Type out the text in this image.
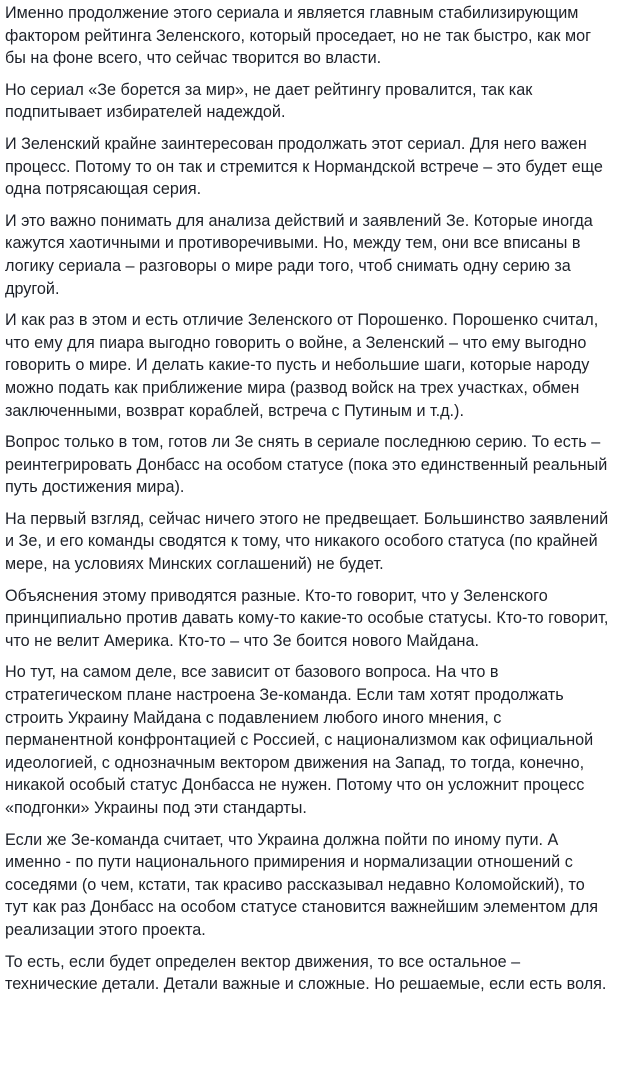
Именно продолжение этого сериала и является главным стабилизирующим фактором рейтинга Зеленского, который проседает, но не так быстро, как мог бы на фоне всего, что сейчас творится во власти.

Но сериал «Зе борется за мир», не дает рейтингу провалится, так как подпитывает избирателей надеждой.

И Зеленский крайне заинтересован продолжать этот сериал. Для него важен процесс. Потому то он так и стремится к Нормандской встрече – это будет еще одна потрясающая серия.

И это важно понимать для анализа действий и заявлений Зе. Которые иногда кажутся хаотичными и противоречивыми. Но, между тем, они все вписаны в логику сериала – разговоры о мире ради того, чтоб снимать одну серию за другой.

И как раз в этом и есть отличие Зеленского от Порошенко. Порошенко считал, что ему для пиара выгодно говорить о войне, а Зеленский – что ему выгодно говорить о мире. И делать какие-то пусть и небольшие шаги, которые народу можно подать как приближение мира (развод войск на трех участках, обмен заключенными, возврат кораблей, встреча с Путиным и т.д.).

Вопрос только в том, готов ли Зе снять в сериале последнюю серию. То есть – реинтегрировать Донбасс на особом статусе (пока это единственный реальный путь достижения мира).

На первый взгляд, сейчас ничего этого не предвещает. Большинство заявлений и Зе, и его команды сводятся к тому, что никакого особого статуса (по крайней мере, на условиях Минских соглашений) не будет.

Объяснения этому приводятся разные. Кто-то говорит, что у Зеленского принципиально против давать кому-то какие-то особые статусы. Кто-то говорит, что не велит Америка. Кто-то – что Зе боится нового Майдана.

Но тут, на самом деле, все зависит от базового вопроса. На что в стратегическом плане настроена Зе-команда. Если там хотят продолжать строить Украину Майдана с подавлением любого иного мнения, с перманентной конфронтацией с Россией, с национализмом как официальной идеологией, с однозначным вектором движения на Запад, то тогда, конечно, никакой особый статус Донбасса не нужен. Потому что он усложнит процесс «подгонки» Украины под эти стандарты.

Если же Зе-команда считает, что Украина должна пойти по иному пути. А именно - по пути национального примирения и нормализации отношений с соседями (о чем, кстати, так красиво рассказывал недавно Коломойский), то тут как раз Донбасс на особом статусе становится важнейшим элементом для реализации этого проекта.

То есть, если будет определен вектор движения, то все остальное – технические детали. Детали важные и сложные. Но решаемые, если есть воля.
